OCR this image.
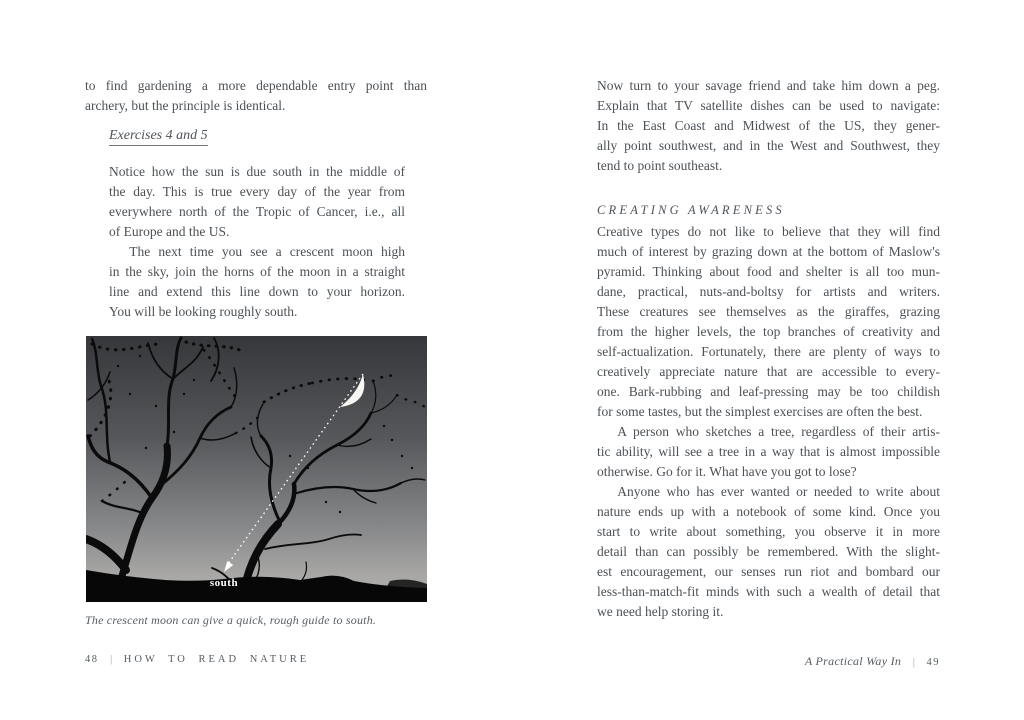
to find gardening a more dependable entry point than
archery, but the principle is identical.
Exercises 4 and 5
Notice how the sun is due south in the middle of
the day. This is true every day of the year from
everywhere north of the Tropic of Cancer, i.e., all
of Europe and the US.
The next time you see a crescent moon high
in the sky, join the horns of the moon in a straight
line and extend this line down to your horizon.
You will be looking roughly south.
south
The crescent moon can give a quick, rough guide to south.
48 | HOW TO READ NATURE
Now turn to your savage friend and take him down a peg.
Explain that TV satellite dishes can be used to navigate:
In the East Coast and Midwest of the US, they gener-
ally point southwest, and in the West and Southwest, they
tend to point southeast.
CREATING AWARENESS
Creative types do not like to believe that they will find
much of interest by grazing down at the bottom of Maslow's
pyramid. Thinking about food and shelter is all too mun-
dane, practical, nuts-and-boltsy for artists and writers.
These creatures see themselves as the giraffes, grazing
from the higher levels, the top branches of creativity and
self-actualization. Fortunately, there are plenty of ways to
creatively appreciate nature that are accessible to every-
one. Bark-rubbing and leaf-pressing may be too childish
for some tastes, but the simplest exercises are often the best.
A person who sketches a tree, regardless of their artis-
tic ability, will see a tree in a way that is almost impossible
otherwise. Go for it. What have you got to lose?
Anyone who has ever wanted or needed to write about
nature ends up with a notebook of some kind. Once you
start to write about something, you observe it in more
detail than can possibly be remembered. With the slight-
est encouragement, our senses run riot and bombard our
less-than-match-fit minds with such a wealth of detail that
we need help storing it.
A Practical Way In | 49
